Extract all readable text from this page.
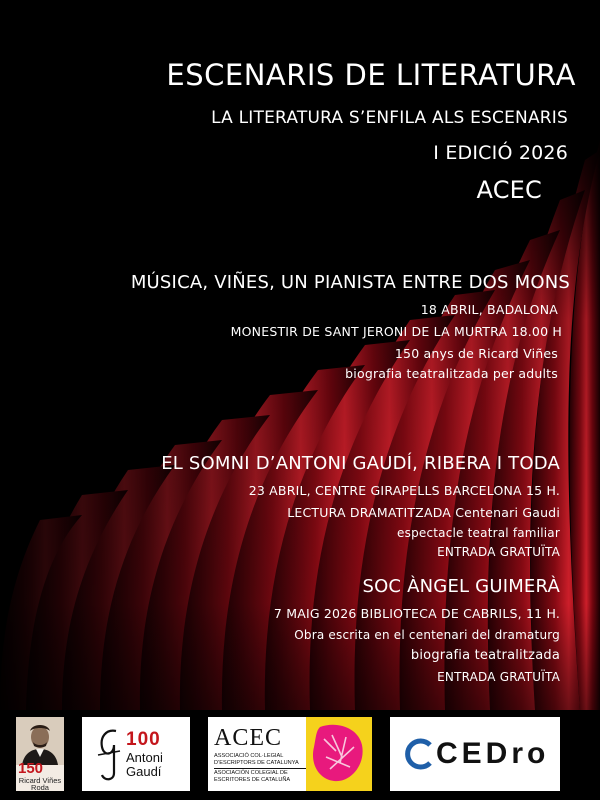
ESCENARIS DE LITERATURA
LA LITERATURA S’ENFILA ALS ESCENARIS
I EDICIÓ 2026
ACEC
MÚSICA, VIÑES, UN PIANISTA ENTRE DOS MONS
18 ABRIL, BADALONA
MONESTIR DE SANT JERONI DE LA MURTRA 18.00 H
150 anys de Ricard Viñes
biografia teatralitzada per adults
EL SOMNI D’ANTONI GAUDÍ, RIBERA I TODA
23 ABRIL, CENTRE GIRAPELLS BARCELONA 15 H.
LECTURA DRAMATITZADA Centenari Gaudi
espectacle teatral familiar
ENTRADA GRATUÏTA
SOC ÀNGEL GUIMERÀ
7 MAIG 2026 BIBLIOTECA DE CABRILS, 11 H.
Obra escrita en el centenari del dramaturg
biografia teatralitzada
ENTRADA GRATUÏTA
150
Ricard Viñes
Roda
100
Antoni
Gaudí
ACEC
ASSOCIACIÓ COL·LEGIAL
D’ESCRIPTORS DE CATALUNYA
ASOCIACIÓN COLEGIAL DE
ESCRITORES DE CATALUÑA
CEDro
